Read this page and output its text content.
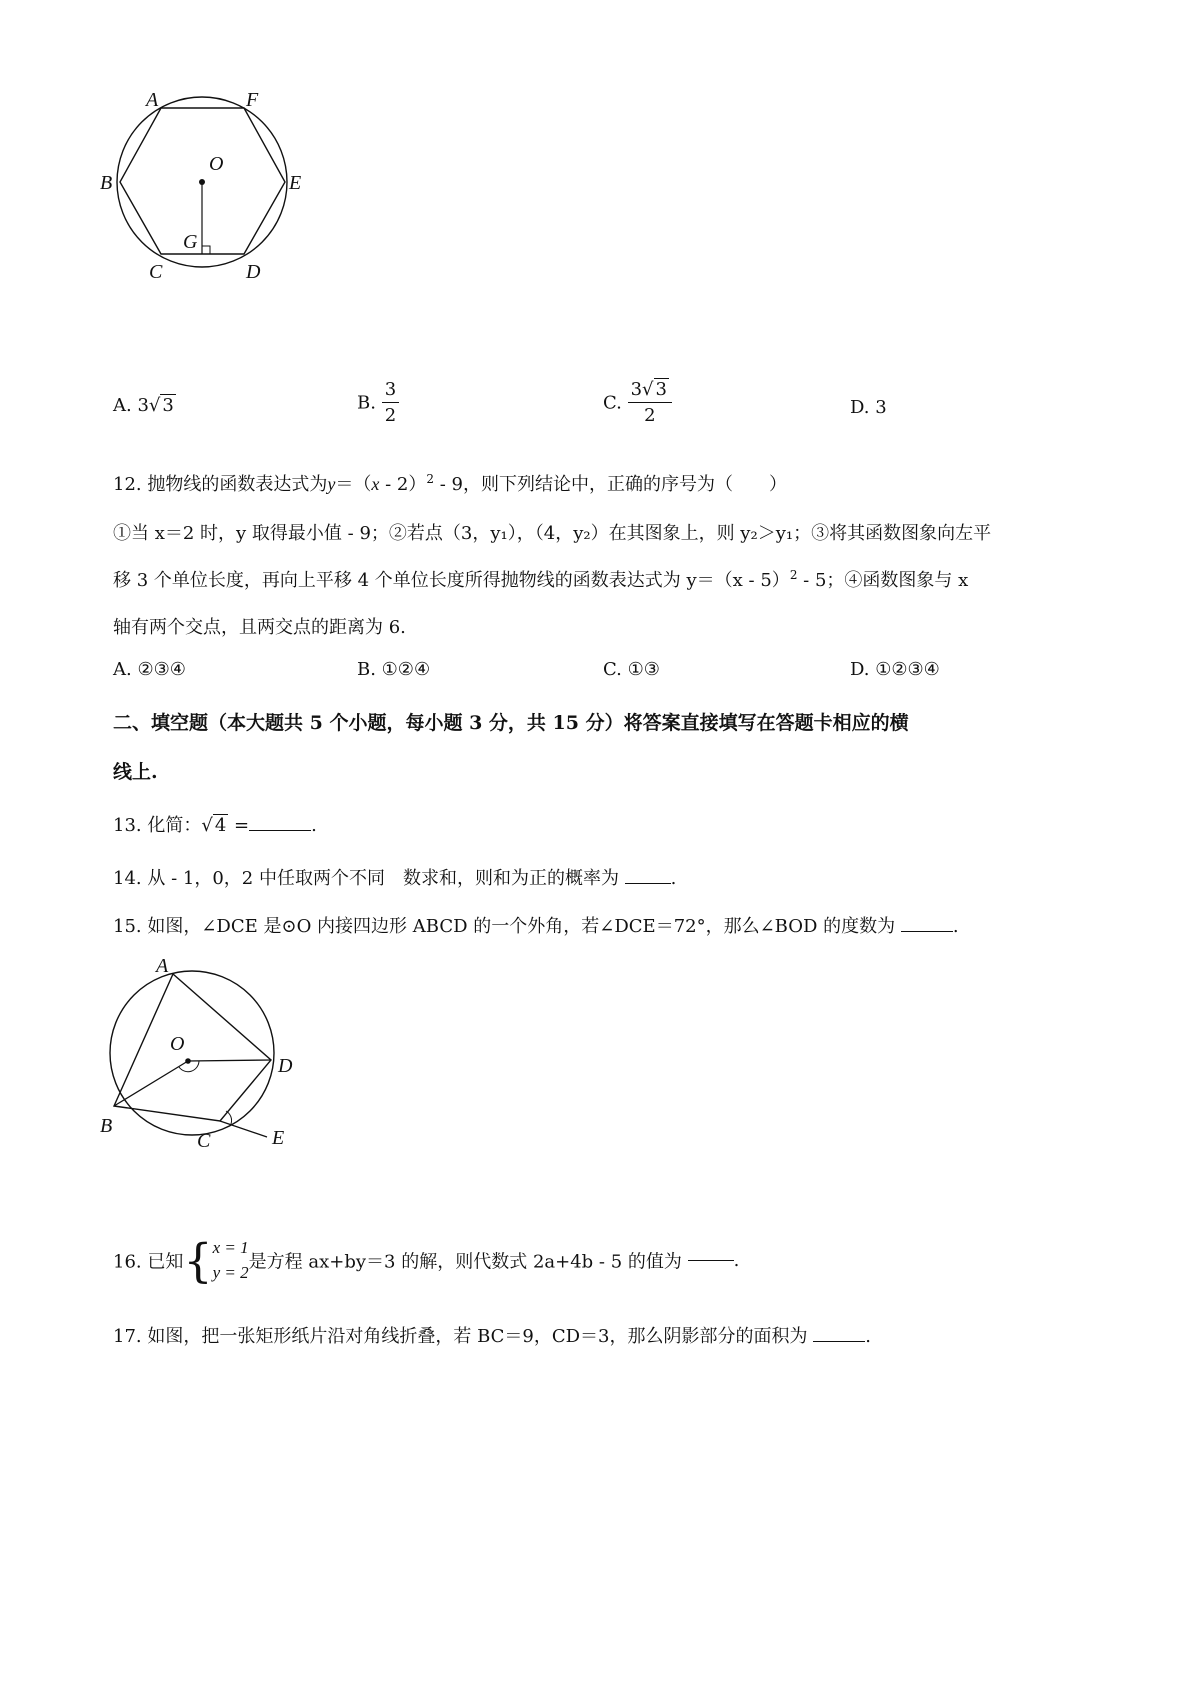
A	F
B
O
E
G
C	D
A. 3√ 3	B. $\frac{3}{2}$	C. $\frac{3√ 3}{2}$	D. 3
12. 抛物线的函数表达式为y＝（x - 2）$^2$ - 9，则下列结论中，正确的序号为（　　）
①当 x＝2 时，y 取得最小值 - 9；②若点（3，y₁），（4，y₂）在其图象上，则 y₂＞y₁；③将其函数图象向左平
移 3 个单位长度，再向上平移 4 个单位长度所得抛物线的函数表达式为 y＝（x - 5）$^2$ - 5；④函数图象与 x
轴有两个交点，且两交点的距离为 6.
A. ②③④	B. ①②④	C. ①③	D. ①②③④
二、填空题（本大题共 5 个小题，每小题 3 分，共 15 分）将答案直接填写在答题卡相应的横
线上.
13. 化简：√ 4 =	.
14. 从 - 1，0，2 中任取两个不同　数求和，则和为正的概率为	.
15. 如图，∠DCE 是⊙O 内接四边形 ABCD 的一个外角，若∠DCE＝72°，那么∠BOD 的度数为	.
A
O
D
B
C	E
16. 已知{ x = 1
y = 2 是方程 ax+by＝3 的解，则代数式 2a+4b - 5 的值为	.
17. 如图，把一张矩形纸片沿对角线折叠，若 BC＝9，CD＝3，那么阴影部分的面积为	.
